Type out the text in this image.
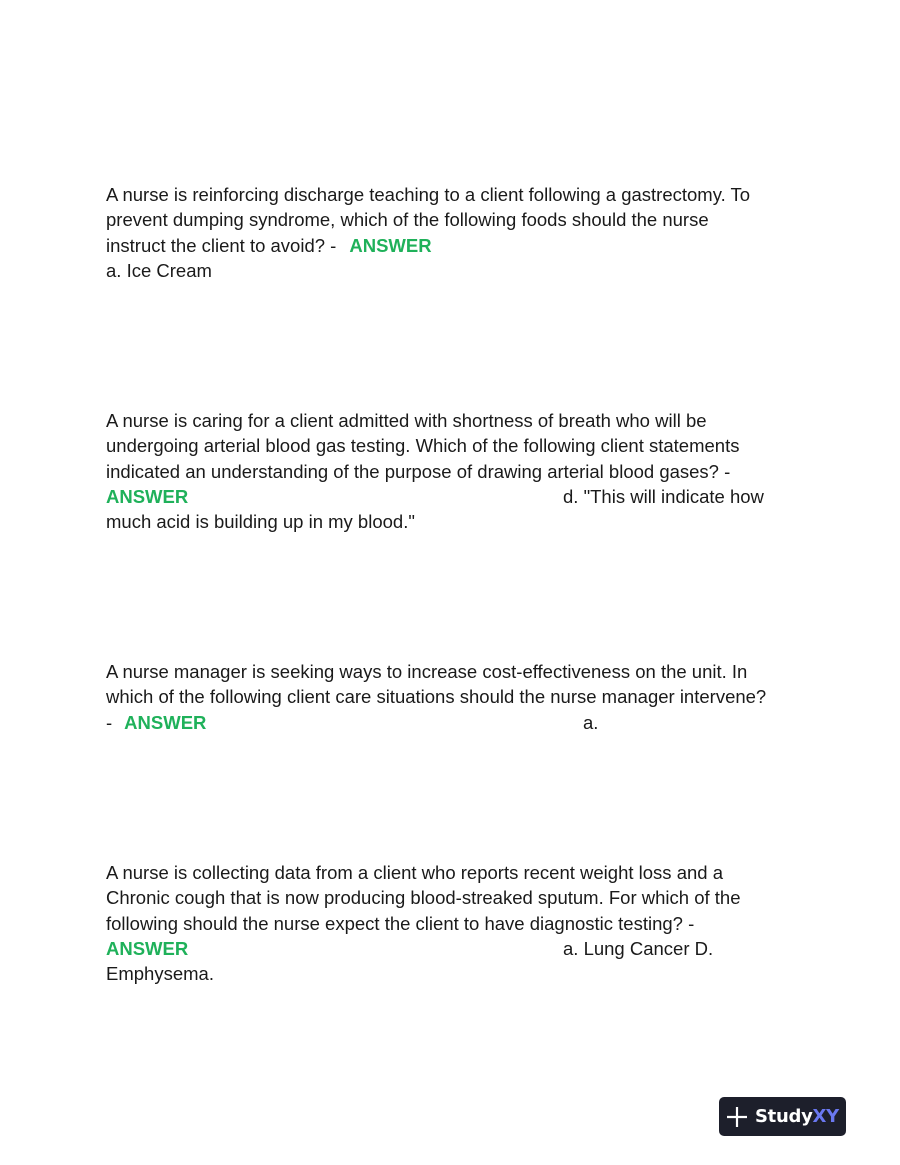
A nurse is reinforcing discharge teaching to a client following a gastrectomy. To
prevent dumping syndrome, which of the following foods should the nurse
instruct the client to avoid? - ANSWER
a. Ice Cream
A nurse is caring for a client admitted with shortness of breath who will be
undergoing arterial blood gas testing. Which of the following client statements
indicated an understanding of the purpose of drawing arterial blood gases? -
ANSWER	d. "This will indicate how
much acid is building up in my blood."
A nurse manager is seeking ways to increase cost-effectiveness on the unit. In
which of the following client care situations should the nurse manager intervene?
- ANSWER	a.
A nurse is collecting data from a client who reports recent weight loss and a
Chronic cough that is now producing blood-streaked sputum. For which of the
following should the nurse expect the client to have diagnostic testing? -
ANSWER	a. Lung Cancer D.
Emphysema.
StudyXY
